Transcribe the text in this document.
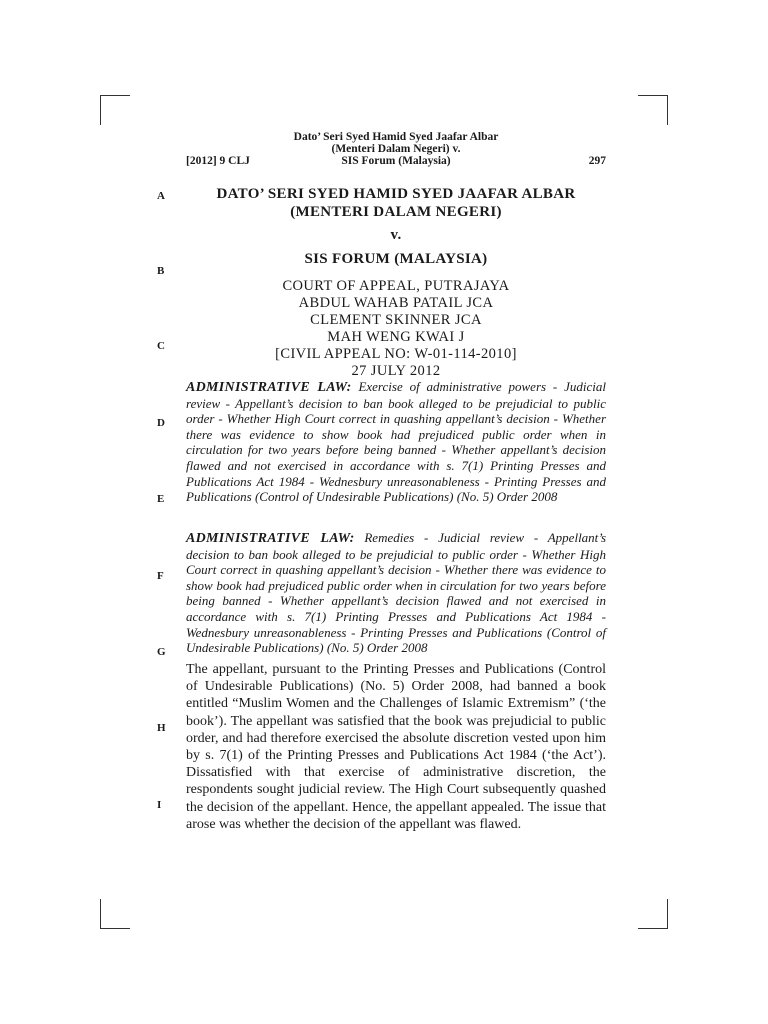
Dato’ Seri Syed Hamid Syed Jaafar Albar
(Menteri Dalam Negeri) v.
SIS Forum (Malaysia)
[2012] 9 CLJ	297
A
B
C
D
E
F
G
H
I
DATO’ SERI SYED HAMID SYED JAAFAR ALBAR
(MENTERI DALAM NEGERI)
v.
SIS FORUM (MALAYSIA)
COURT OF APPEAL, PUTRAJAYA
ABDUL WAHAB PATAIL JCA
CLEMENT SKINNER JCA
MAH WENG KWAI J
[CIVIL APPEAL NO: W-01-114-2010]
27 JULY 2012
ADMINISTRATIVE LAW: Exercise of administrative powers - Judicial review - Appellant’s decision to ban book alleged to be prejudicial to public order - Whether High Court correct in quashing appellant’s decision - Whether there was evidence to show book had prejudiced public order when in circulation for two years before being banned - Whether appellant’s decision flawed and not exercised in accordance with s. 7(1) Printing Presses and Publications Act 1984 - Wednesbury unreasonableness - Printing Presses and Publications (Control of Undesirable Publications) (No. 5) Order 2008
ADMINISTRATIVE LAW: Remedies - Judicial review - Appellant’s decision to ban book alleged to be prejudicial to public order - Whether High Court correct in quashing appellant’s decision - Whether there was evidence to show book had prejudiced public order when in circulation for two years before being banned - Whether appellant’s decision flawed and not exercised in accordance with s. 7(1) Printing Presses and Publications Act 1984 - Wednesbury unreasonableness - Printing Presses and Publications (Control of Undesirable Publications) (No. 5) Order 2008
The appellant, pursuant to the Printing Presses and Publications (Control of Undesirable Publications) (No. 5) Order 2008, had banned a book entitled “Muslim Women and the Challenges of Islamic Extremism” (‘the book’). The appellant was satisfied that the book was prejudicial to public order, and had therefore exercised the absolute discretion vested upon him by s. 7(1) of the Printing Presses and Publications Act 1984 (‘the Act’). Dissatisfied with that exercise of administrative discretion, the respondents sought judicial review. The High Court subsequently quashed the decision of the appellant. Hence, the appellant appealed. The issue that arose was whether the decision of the appellant was flawed.
